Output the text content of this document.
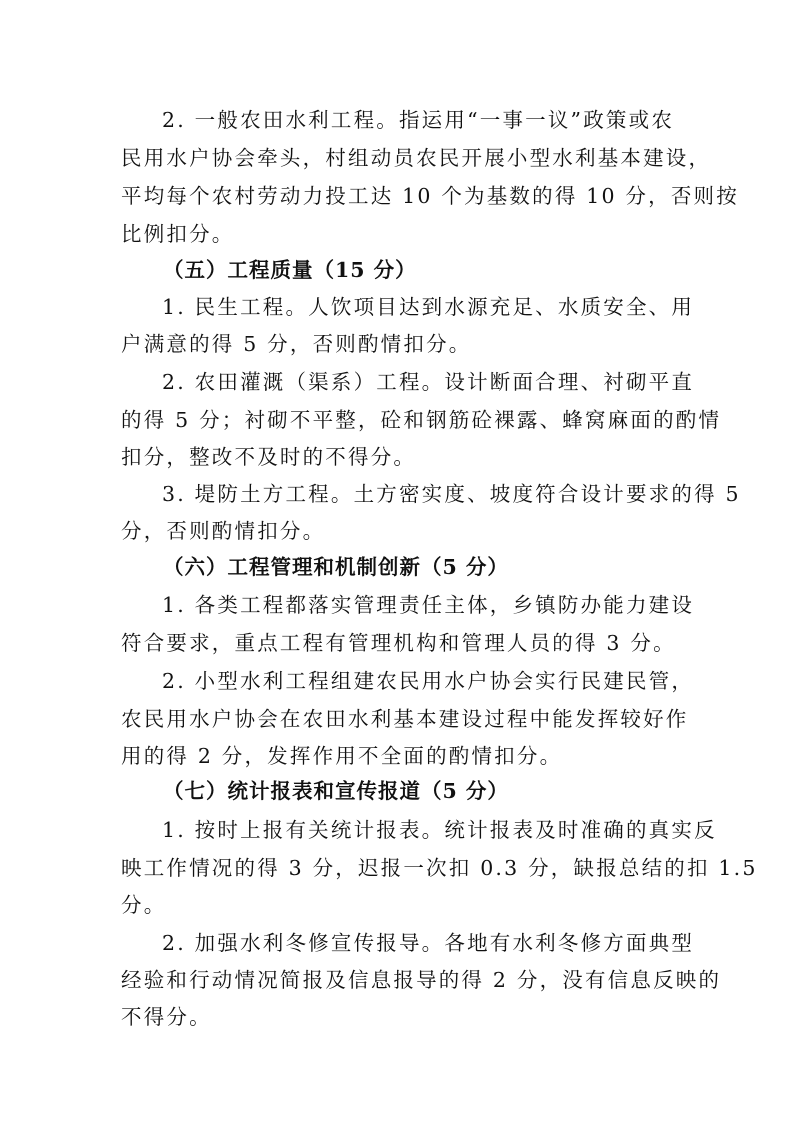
2. 一般农田水利工程。指运用“一事一议”政策或农
民用水户协会牵头，村组动员农民开展小型水利基本建设，
平均每个农村劳动力投工达 10 个为基数的得 10 分，否则按
比例扣分。
（五）工程质量（15 分）
1. 民生工程。人饮项目达到水源充足、水质安全、用
户满意的得 5 分，否则酌情扣分。
2. 农田灌溉（渠系）工程。设计断面合理、衬砌平直
的得 5 分；衬砌不平整，砼和钢筋砼裸露、蜂窝麻面的酌情
扣分，整改不及时的不得分。
3. 堤防土方工程。土方密实度、坡度符合设计要求的得 5
分，否则酌情扣分。
（六）工程管理和机制创新（5 分）
1. 各类工程都落实管理责任主体，乡镇防办能力建设
符合要求，重点工程有管理机构和管理人员的得 3 分。
2. 小型水利工程组建农民用水户协会实行民建民管，
农民用水户协会在农田水利基本建设过程中能发挥较好作
用的得 2 分，发挥作用不全面的酌情扣分。
（七）统计报表和宣传报道（5 分）
1. 按时上报有关统计报表。统计报表及时准确的真实反
映工作情况的得 3 分，迟报一次扣 0.3 分，缺报总结的扣 1.5
分。
2. 加强水利冬修宣传报导。各地有水利冬修方面典型
经验和行动情况简报及信息报导的得 2 分，没有信息反映的
不得分。
